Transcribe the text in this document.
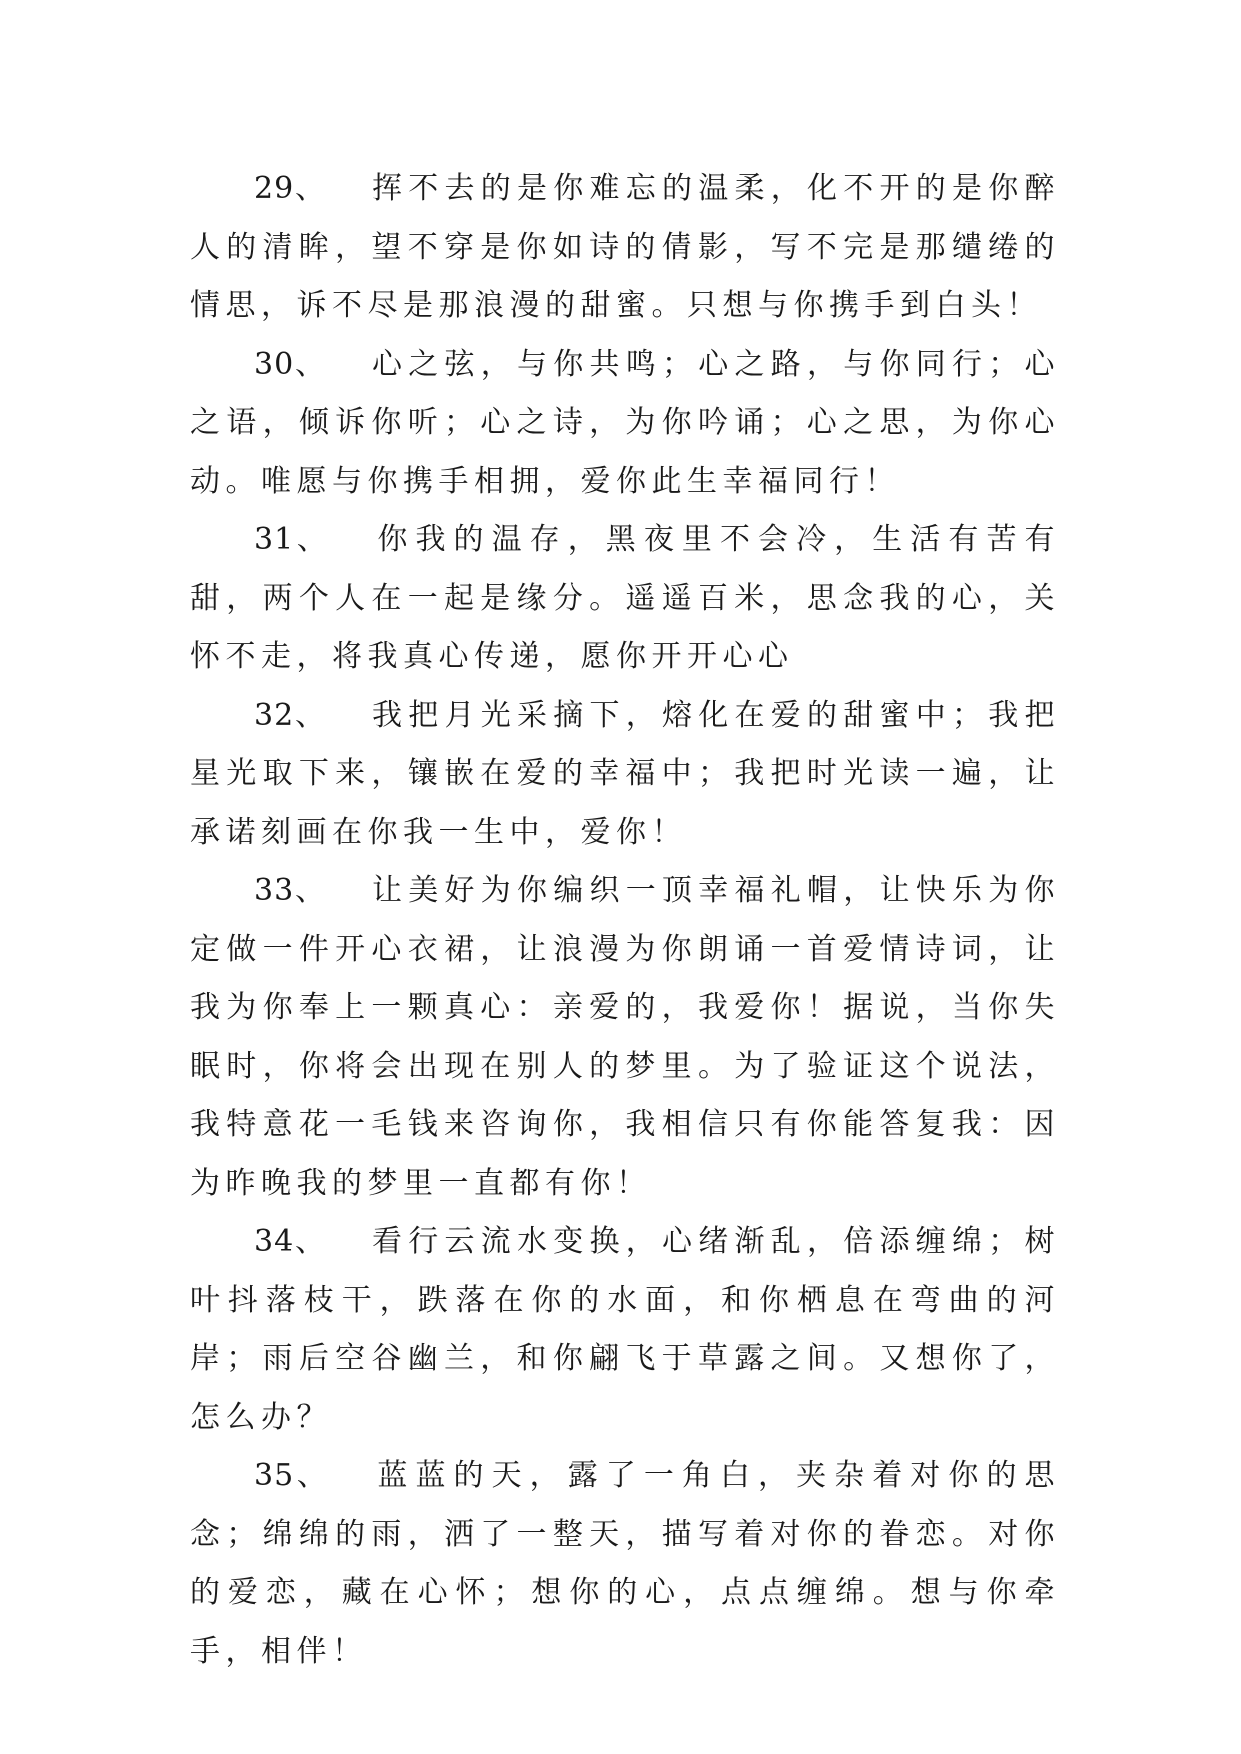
29、 挥不去的是你难忘的温柔，化不开的是你醉人的清眸，望不穿是你如诗的倩影，写不完是那缱绻的情思，诉不尽是那浪漫的甜蜜。只想与你携手到白头！

30、 心之弦，与你共鸣；心之路，与你同行；心之语，倾诉你听；心之诗，为你吟诵；心之思，为你心动。唯愿与你携手相拥，爱你此生幸福同行！

31、 你我的温存，黑夜里不会冷，生活有苦有甜，两个人在一起是缘分。遥遥百米，思念我的心，关怀不走，将我真心传递，愿你开开心心

32、 我把月光采摘下，熔化在爱的甜蜜中；我把星光取下来，镶嵌在爱的幸福中；我把时光读一遍，让承诺刻画在你我一生中，爱你！

33、 让美好为你编织一顶幸福礼帽，让快乐为你定做一件开心衣裙，让浪漫为你朗诵一首爱情诗词，让我为你奉上一颗真心：亲爱的，我爱你！据说，当你失眠时，你将会出现在别人的梦里。为了验证这个说法，我特意花一毛钱来咨询你，我相信只有你能答复我：因为昨晚我的梦里一直都有你！

34、 看行云流水变换，心绪渐乱，倍添缠绵；树叶抖落枝干，跌落在你的水面，和你栖息在弯曲的河岸；雨后空谷幽兰，和你翩飞于草露之间。又想你了，怎么办？

35、 蓝蓝的天，露了一角白，夹杂着对你的思念；绵绵的雨，洒了一整天，描写着对你的眷恋。对你的爱恋，藏在心怀；想你的心，点点缠绵。想与你牵手，相伴！
